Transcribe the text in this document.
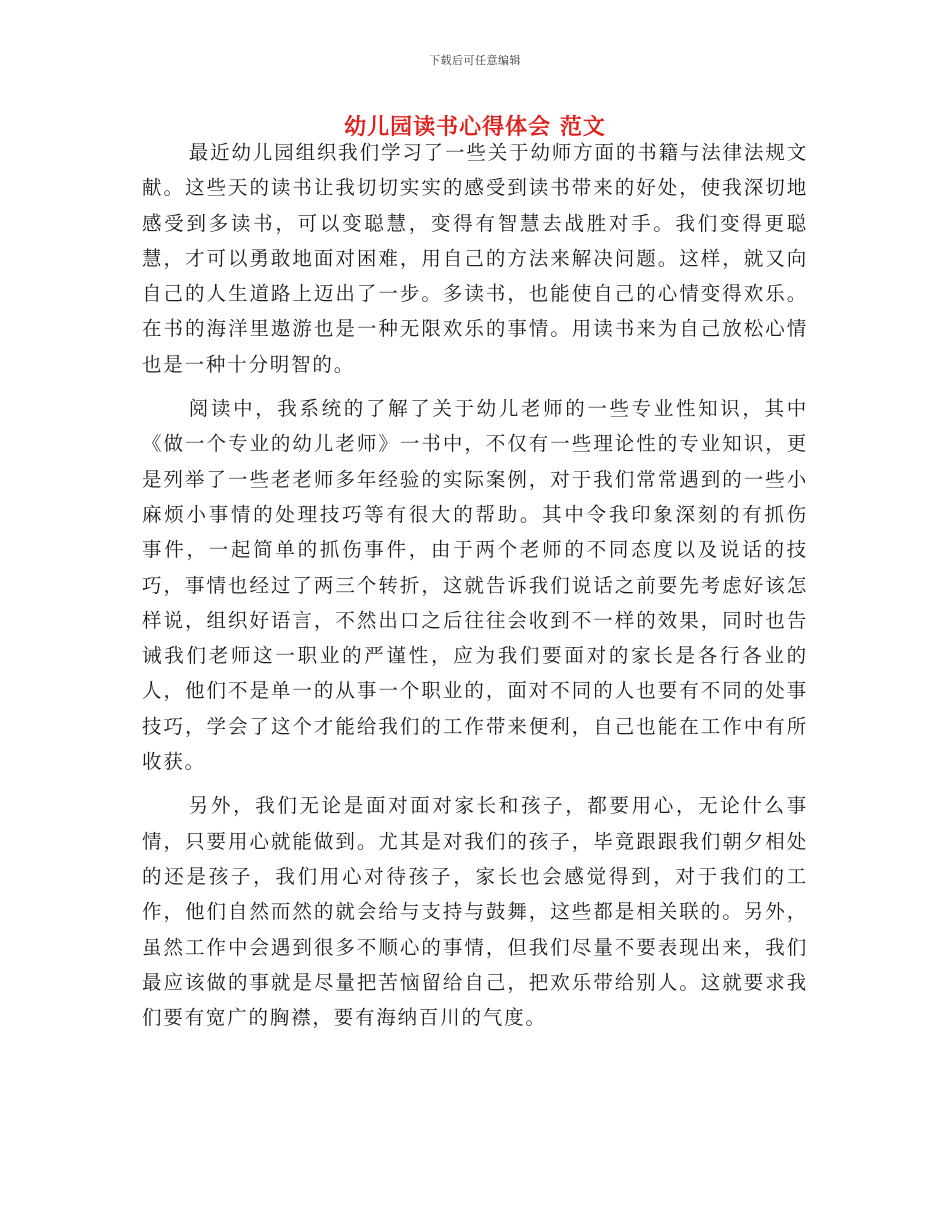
下载后可任意编辑
幼儿园读书心得体会 范文

最近幼儿园组织我们学习了一些关于幼师方面的书籍与法律法规文献。这些天的读书让我切切实实的感受到读书带来的好处，使我深切地感受到多读书，可以变聪慧，变得有智慧去战胜对手。我们变得更聪慧，才可以勇敢地面对困难，用自己的方法来解决问题。这样，就又向自己的人生道路上迈出了一步。多读书，也能使自己的心情变得欢乐。在书的海洋里遨游也是一种无限欢乐的事情。用读书来为自己放松心情也是一种十分明智的。

阅读中，我系统的了解了关于幼儿老师的一些专业性知识，其中《做一个专业的幼儿老师》一书中，不仅有一些理论性的专业知识，更是列举了一些老老师多年经验的实际案例，对于我们常常遇到的一些小麻烦小事情的处理技巧等有很大的帮助。其中令我印象深刻的有抓伤 事件，一起简单的抓伤事件，由于两个老师的不同态度以及说话的技巧，事情也经过了两三个转折，这就告诉我们说话之前要先考虑好该怎样说，组织好语言，不然出口之后往往会收到不一样的效果，同时也告诫我们老师这一职业的严谨性，应为我们要面对的家长是各行各业的人，他们不是单一的从事一个职业的，面对不同的人也要有不同的处事技巧，学会了这个才能给我们的工作带来便利，自己也能在工作中有所收获。

另外，我们无论是面对面对家长和孩子，都要用心，无论什么事情，只要用心就能做到。尤其是对我们的孩子，毕竟跟跟我们朝夕相处的还是孩子，我们用心对待孩子，家长也会感觉得到，对于我们的工作，他们自然而然的就会给与支持与鼓舞，这些都是相关联的。另外，虽然工作中会遇到很多不顺心的事情，但我们尽量不要表现出来，我们最应该做的事就是尽量把苦恼留给自己，把欢乐带给别人。这就要求我们要有宽广的胸襟，要有海纳百川的气度。
